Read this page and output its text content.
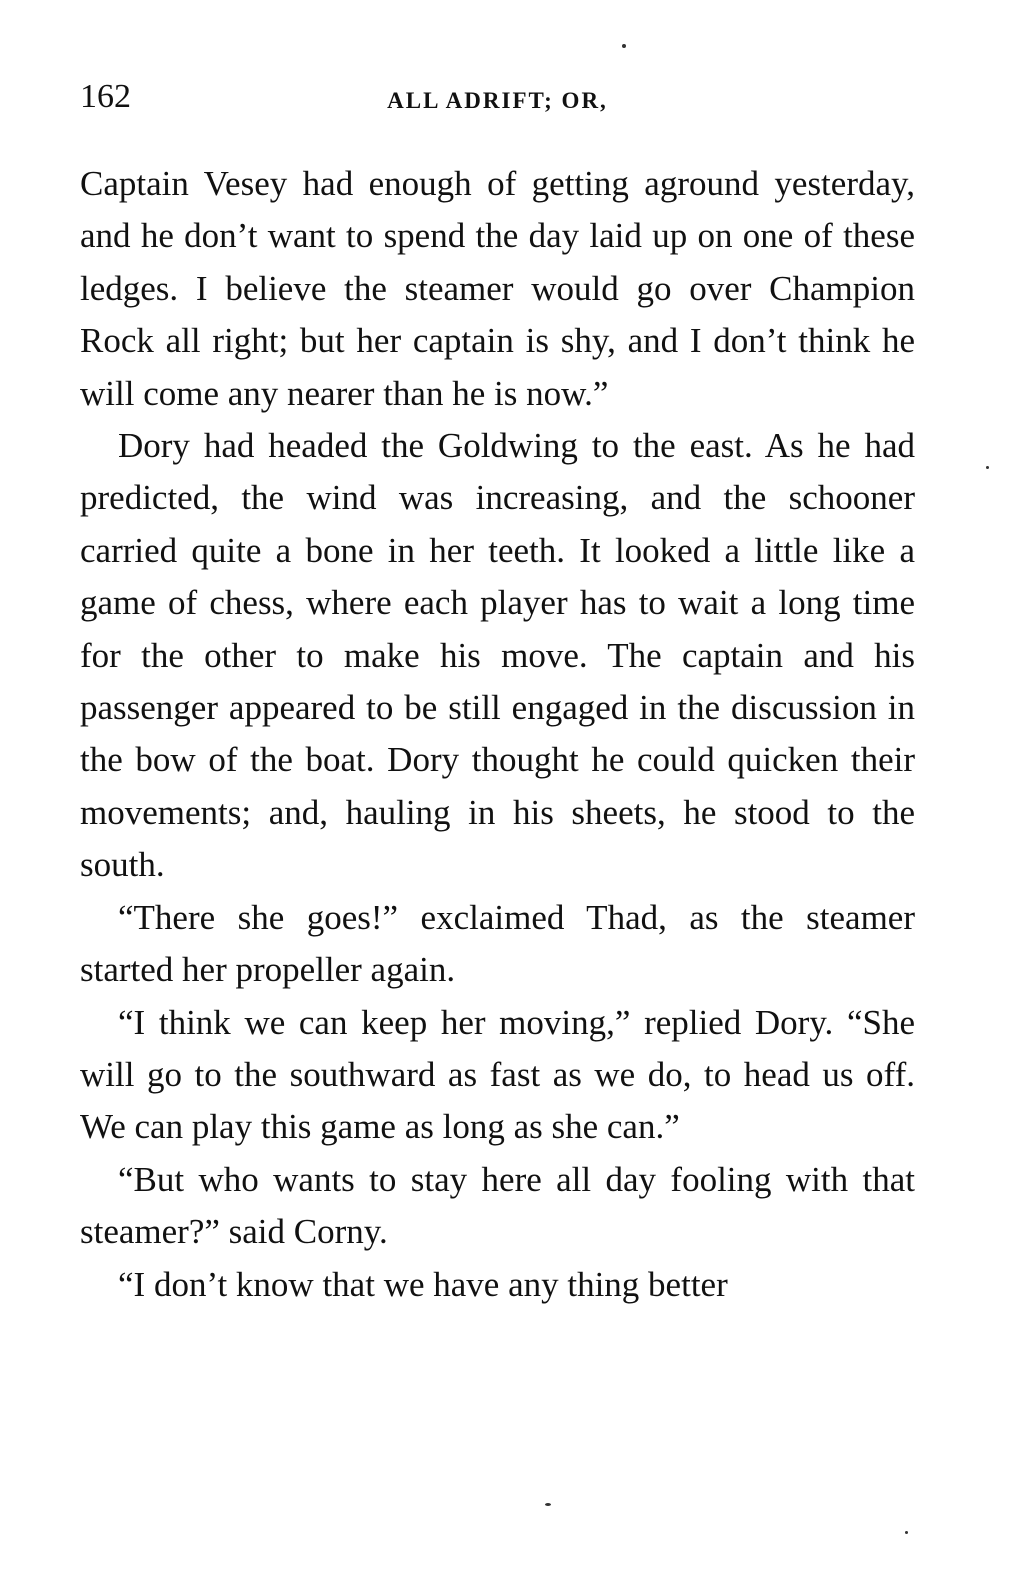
162	ALL ADRIFT; OR,

Captain Vesey had enough of getting aground yesterday, and he don’t want to spend the day laid up on one of these ledges. I believe the steamer would go over Champion Rock all right; but her captain is shy, and I don’t think he will come any nearer than he is now.”

Dory had headed the Goldwing to the east. As he had predicted, the wind was increasing, and the schooner carried quite a bone in her teeth. It looked a little like a game of chess, where each player has to wait a long time for the other to make his move. The captain and his passenger appeared to be still engaged in the discussion in the bow of the boat. Dory thought he could quicken their movements; and, hauling in his sheets, he stood to the south.

“There she goes!” exclaimed Thad, as the steamer started her propeller again.

“I think we can keep her moving,” replied Dory. “She will go to the southward as fast as we do, to head us off. We can play this game as long as she can.”

“But who wants to stay here all day fooling with that steamer?” said Corny.

“I don’t know that we have any thing better
